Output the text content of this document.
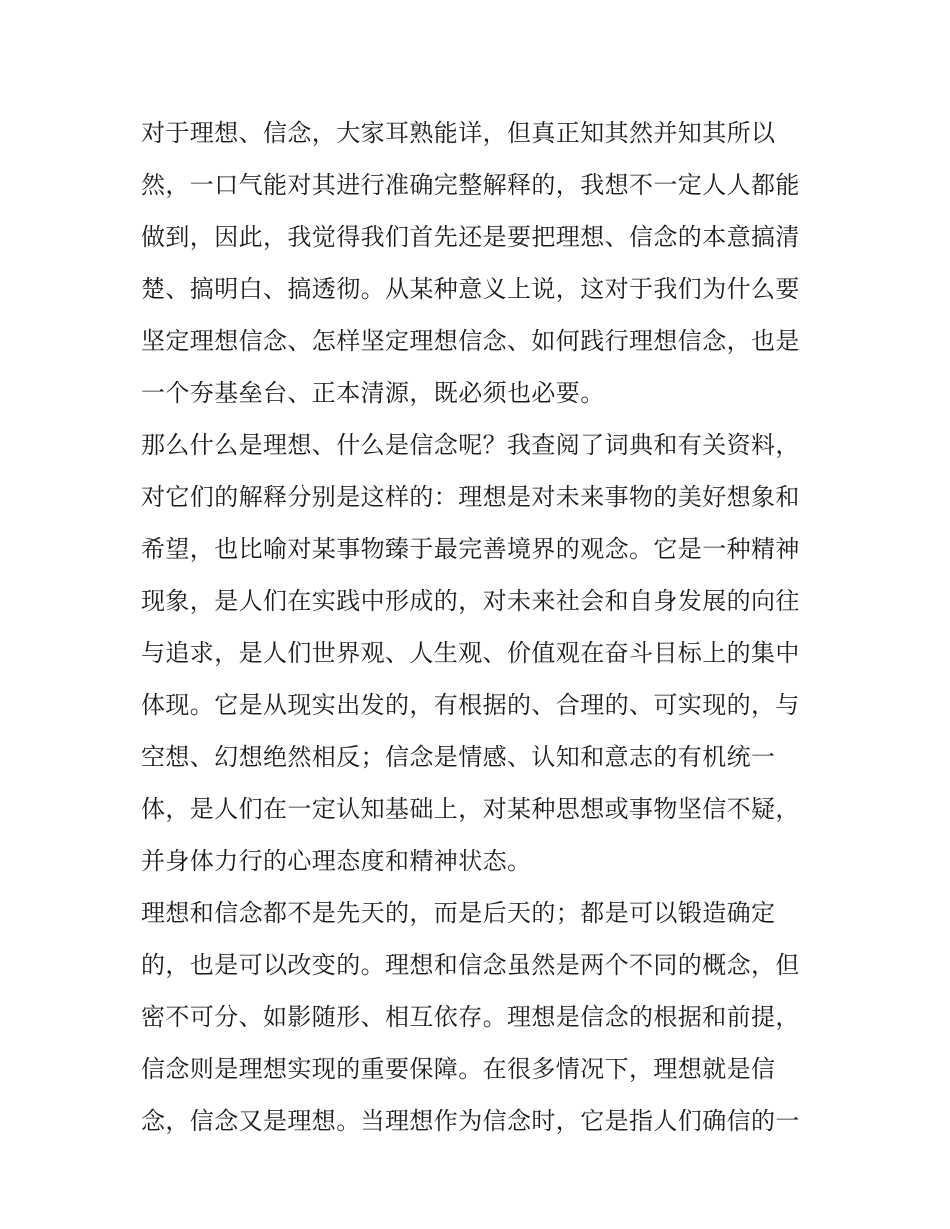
对于理想、信念，大家耳熟能详，但真正知其然并知其所以
然，一口气能对其进行准确完整解释的，我想不一定人人都能
做到，因此，我觉得我们首先还是要把理想、信念的本意搞清
楚、搞明白、搞透彻。从某种意义上说，这对于我们为什么要
坚定理想信念、怎样坚定理想信念、如何践行理想信念，也是
一个夯基垒台、正本清源，既必须也必要。
那么什么是理想、什么是信念呢？我查阅了词典和有关资料，
对它们的解释分别是这样的：理想是对未来事物的美好想象和
希望，也比喻对某事物臻于最完善境界的观念。它是一种精神
现象，是人们在实践中形成的，对未来社会和自身发展的向往
与追求，是人们世界观、人生观、价值观在奋斗目标上的集中
体现。它是从现实出发的，有根据的、合理的、可实现的，与
空想、幻想绝然相反；信念是情感、认知和意志的有机统一
体，是人们在一定认知基础上，对某种思想或事物坚信不疑，
并身体力行的心理态度和精神状态。
理想和信念都不是先天的，而是后天的；都是可以锻造确定
的，也是可以改变的。理想和信念虽然是两个不同的概念，但
密不可分、如影随形、相互依存。理想是信念的根据和前提，
信念则是理想实现的重要保障。在很多情况下，理想就是信
念，信念又是理想。当理想作为信念时，它是指人们确信的一
